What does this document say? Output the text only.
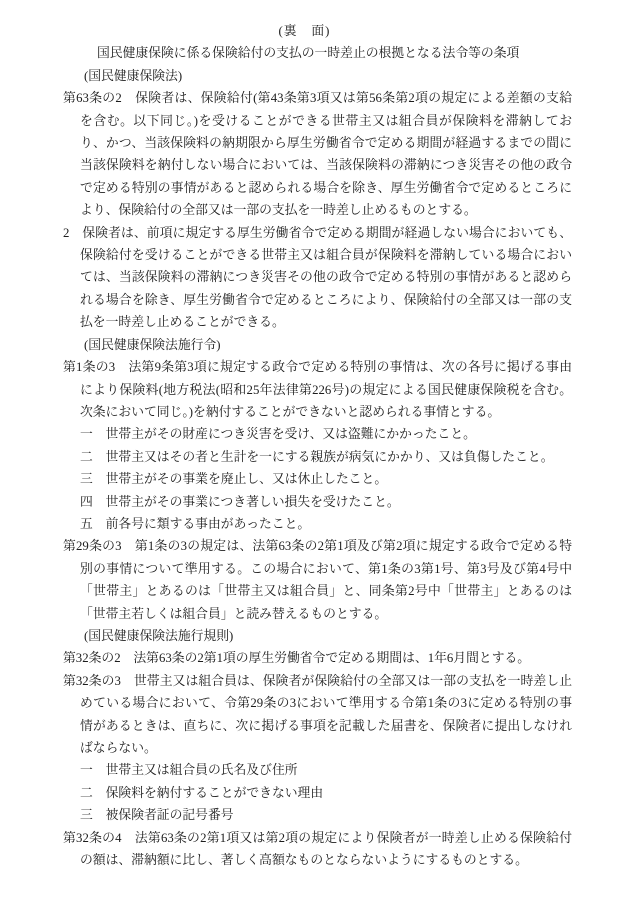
(裏　面)
国民健康保険に係る保険給付の支払の一時差止の根拠となる法令等の条項
(国民健康保険法)
第63条の2　保険者は、保険給付(第43条第3項又は第56条第2項の規定による差額の支給を含む。以下同じ。)を受けることができる世帯主又は組合員が保険料を滞納しており、かつ、当該保険料の納期限から厚生労働省令で定める期間が経過するまでの間に当該保険料を納付しない場合においては、当該保険料の滞納につき災害その他の政令で定める特別の事情があると認められる場合を除き、厚生労働省令で定めるところにより、保険給付の全部又は一部の支払を一時差し止めるものとする。
2　保険者は、前項に規定する厚生労働省令で定める期間が経過しない場合においても、保険給付を受けることができる世帯主又は組合員が保険料を滞納している場合においては、当該保険料の滞納につき災害その他の政令で定める特別の事情があると認められる場合を除き、厚生労働省令で定めるところにより、保険給付の全部又は一部の支払を一時差し止めることができる。
(国民健康保険法施行令)
第1条の3　法第9条第3項に規定する政令で定める特別の事情は、次の各号に掲げる事由により保険料(地方税法(昭和25年法律第226号)の規定による国民健康保険税を含む。次条において同じ。)を納付することができないと認められる事情とする。
一　世帯主がその財産につき災害を受け、又は盗難にかかったこと。
二　世帯主又はその者と生計を一にする親族が病気にかかり、又は負傷したこと。
三　世帯主がその事業を廃止し、又は休止したこと。
四　世帯主がその事業につき著しい損失を受けたこと。
五　前各号に類する事由があったこと。
第29条の3　第1条の3の規定は、法第63条の2第1項及び第2項に規定する政令で定める特別の事情について準用する。この場合において、第1条の3第1号、第3号及び第4号中「世帯主」とあるのは「世帯主又は組合員」と、同条第2号中「世帯主」とあるのは「世帯主若しくは組合員」と読み替えるものとする。
(国民健康保険法施行規則)
第32条の2　法第63条の2第1項の厚生労働省令で定める期間は、1年6月間とする。
第32条の3　世帯主又は組合員は、保険者が保険給付の全部又は一部の支払を一時差し止めている場合において、令第29条の3において準用する令第1条の3に定める特別の事情があるときは、直ちに、次に掲げる事項を記載した届書を、保険者に提出しなければならない。
一　世帯主又は組合員の氏名及び住所
二　保険料を納付することができない理由
三　被保険者証の記号番号
第32条の4　法第63条の2第1項又は第2項の規定により保険者が一時差し止める保険給付の額は、滞納額に比し、著しく高額なものとならないようにするものとする。
